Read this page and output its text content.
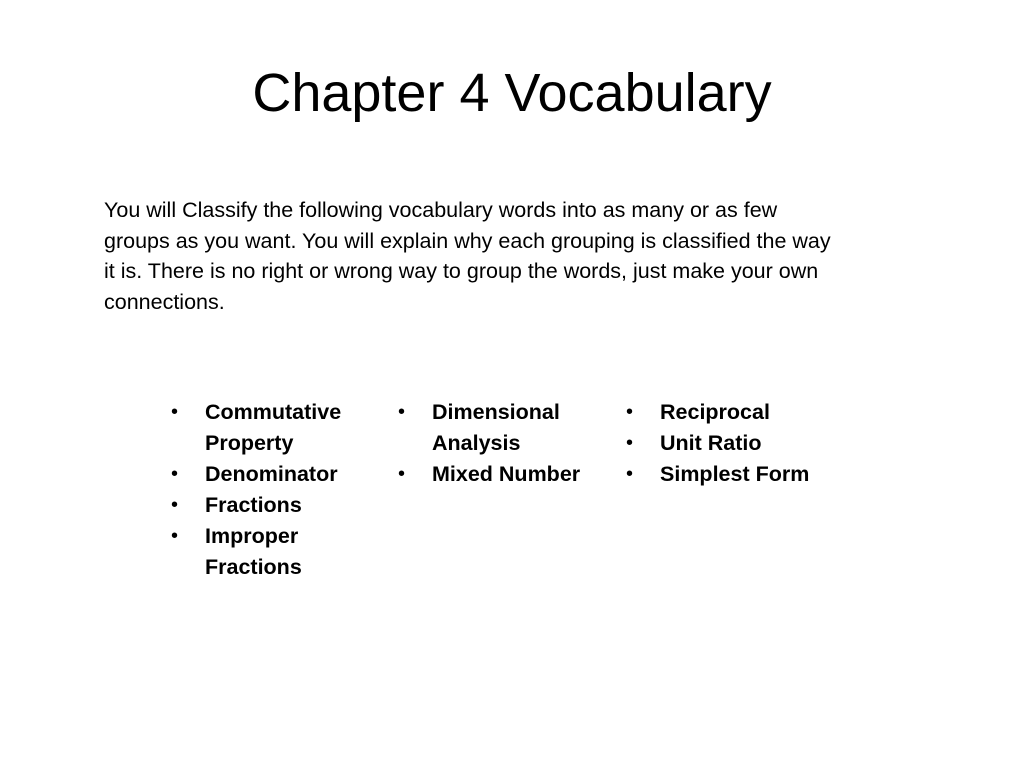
Chapter 4 Vocabulary

You will Classify the following vocabulary words into as many or as few
groups as you want. You will explain why each grouping is classified the way
it is. There is no right or wrong way to group the words, just make your own
connections.

•	Commutative Property
•	Denominator
•	Fractions
•	Improper Fractions
•	Dimensional Analysis
•	Mixed Number
•	Reciprocal
•	Unit Ratio
•	Simplest Form
